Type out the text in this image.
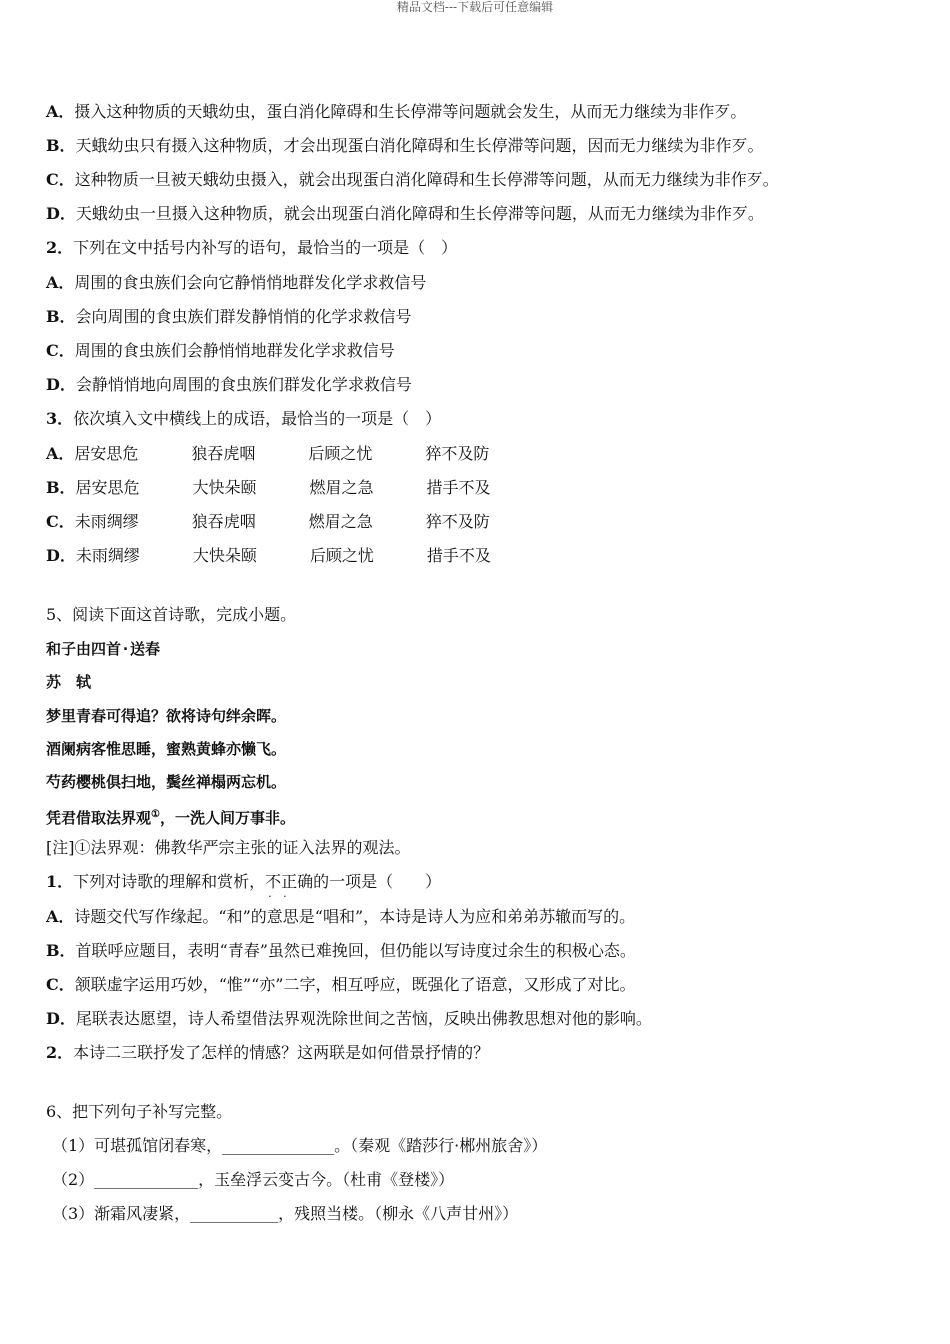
精品文档---下载后可任意编辑
A．摄入这种物质的天蛾幼虫，蛋白消化障碍和生长停滞等问题就会发生，从而无力继续为非作歹。
B．天蛾幼虫只有摄入这种物质，才会出现蛋白消化障碍和生长停滞等问题，因而无力继续为非作歹。
C．这种物质一旦被天蛾幼虫摄入，就会出现蛋白消化障碍和生长停滞等问题，从而无力继续为非作歹。
D．天蛾幼虫一旦摄入这种物质，就会出现蛋白消化障碍和生长停滞等问题，从而无力继续为非作歹。
2．下列在文中括号内补写的语句，最恰当的一项是（　）
A．周围的食虫族们会向它静悄悄地群发化学求救信号
B．会向周围的食虫族们群发静悄悄的化学求救信号
C．周围的食虫族们会静悄悄地群发化学求救信号
D．会静悄悄地向周围的食虫族们群发化学求救信号
3．依次填入文中横线上的成语，最恰当的一项是（　）
A．居安思危	狼吞虎咽	后顾之忧	猝不及防
B．居安思危	大快朵颐	燃眉之急	措手不及
C．未雨绸缪	狼吞虎咽	燃眉之急	猝不及防
D．未雨绸缪	大快朵颐	后顾之忧	措手不及
5、阅读下面这首诗歌，完成小题。
和子由四首·送春
苏　轼
梦里青春可得追？欲将诗句绊余晖。
酒阑病客惟思睡，蜜熟黄蜂亦懒飞。
芍药樱桃俱扫地，鬓丝禅榻两忘机。
凭君借取法界观①，一洗人间万事非。
[注]①法界观：佛教华严宗主张的证入法界的观法。
1．下列对诗歌的理解和赏析，不正确 · ·的一项是（　　）
A．诗题交代写作缘起。“和”的意思是“唱和”，本诗是诗人为应和弟弟苏辙而写的。
B．首联呼应题目，表明“青春”虽然已难挽回，但仍能以写诗度过余生的积极心态。
C．颔联虚字运用巧妙，“惟”“亦”二字，相互呼应，既强化了语意，又形成了对比。
D．尾联表达愿望，诗人希望借法界观洗除世间之苦恼，反映出佛教思想对他的影响。
2．本诗二三联抒发了怎样的情感？这两联是如何借景抒情的？
6、把下列句子补写完整。
（1）可堪孤馆闭春寒，______________。（秦观《踏莎行·郴州旅舍》）
（2）_____________，玉垒浮云变古今。（杜甫《登楼》）
（3）渐霜风凄紧，___________，残照当楼。（柳永《八声甘州》）
